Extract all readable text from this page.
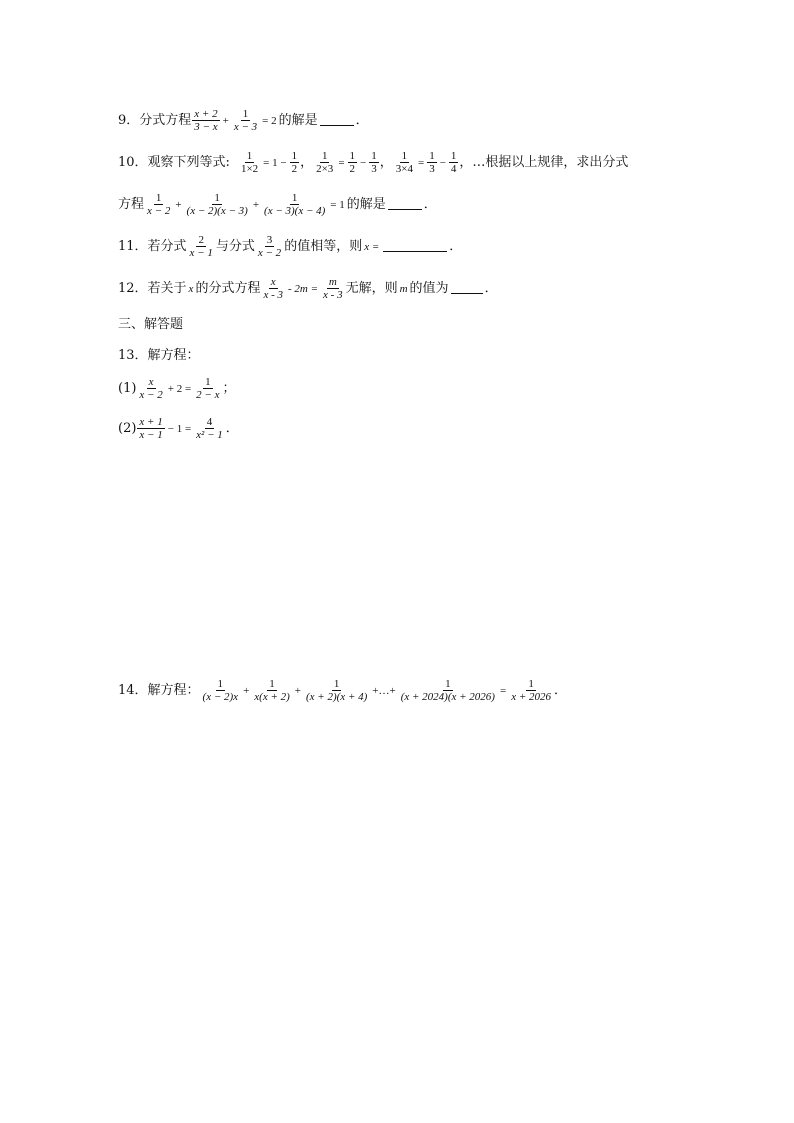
9．分式方程 $\frac{x + 2}{3 - x} + \frac{1}{x - 3} = 2$ 的解是	．
10．观察下列等式: $\frac{1}{1\times 2} = 1 - \frac{1}{2}$ ， $\frac{1}{2\times 3} = \frac{1}{2} - \frac{1}{3}$ ， $\frac{1}{3\times 4} = \frac{1}{3} - \frac{1}{4}$ ，…根据以上规律，求出分式
方程 $\frac{1}{x - 2} + \frac{1}{(x - 2)(x - 3)} + \frac{1}{(x - 3)(x - 4)} = 1$ 的解是	．
11．若分式 $\frac{2}{x - 1}$ 与分式 $\frac{3}{x - 2}$ 的值相等，则 x =	．
12．若关于 x 的分式方程 $\frac{x}{x - 3} - 2m = \frac{m}{x - 3}$ 无解，则 m 的值为	．
三、解答题
13．解方程：
$(1) \frac{x}{x - 2} + 2 = \frac{1}{2 - x}$ ；
$(2) \frac{x + 1}{x - 1} - 1 = \frac{4}{\text{x² − 1}}$ ．
14．解方程： $\frac{1}{(x - 2)x} + \frac{1}{x(x + 2)} + \frac{1}{(x + 2)(x + 4)}$ +…+ $\frac{1}{(x + 2024)(x + 2026)} = \frac{1}{x + 2026}$ ．
